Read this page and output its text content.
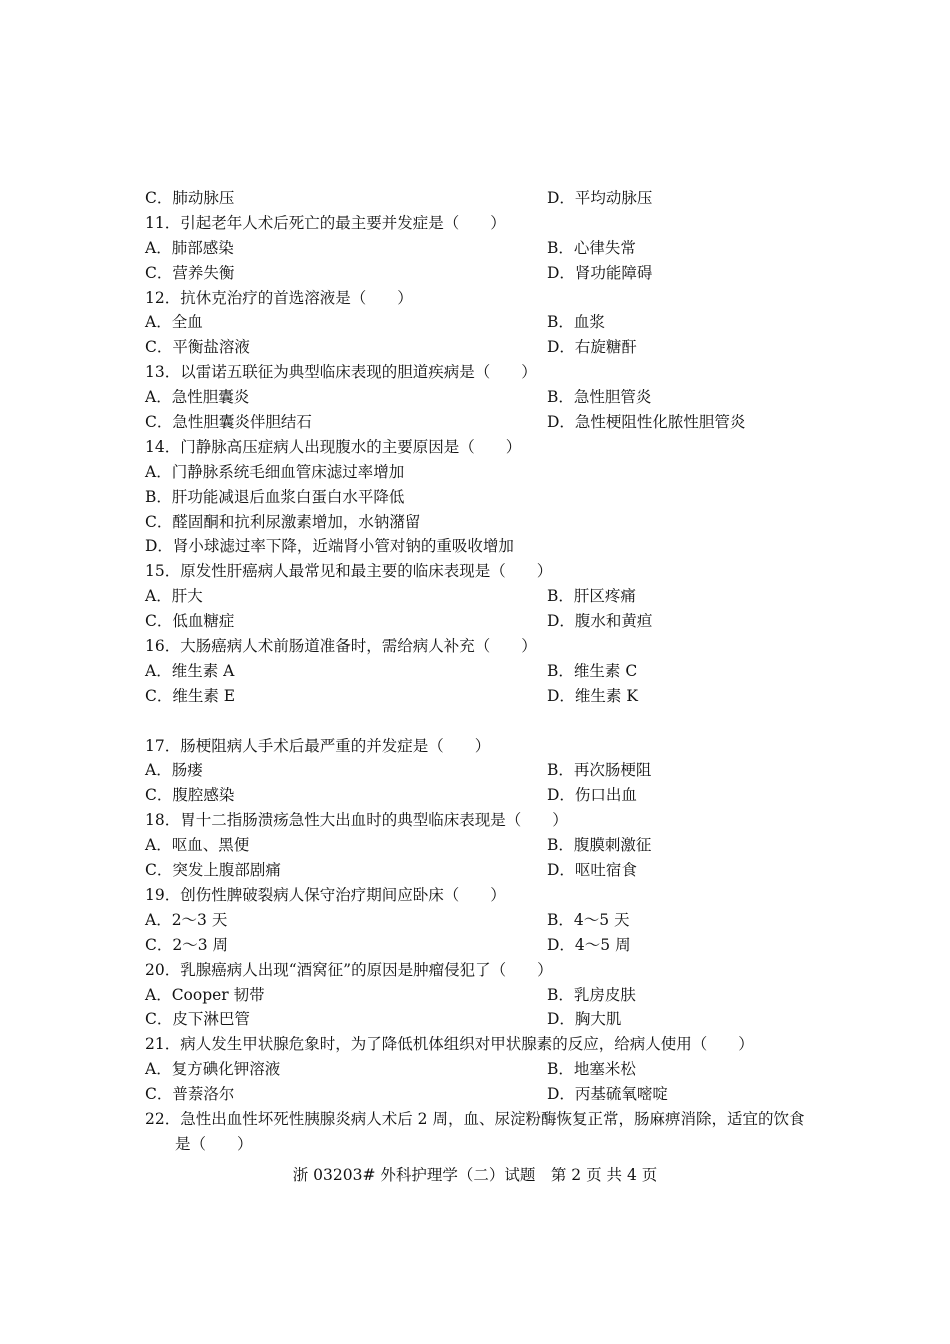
C．肺动脉压	D．平均动脉压
11．引起老年人术后死亡的最主要并发症是（　　）
A．肺部感染	B．心律失常
C．营养失衡	D．肾功能障碍
12．抗休克治疗的首选溶液是（　　）
A．全血	B．血浆
C．平衡盐溶液	D．右旋糖酐
13．以雷诺五联征为典型临床表现的胆道疾病是（　　）
A．急性胆囊炎	B．急性胆管炎
C．急性胆囊炎伴胆结石	D．急性梗阻性化脓性胆管炎
14．门静脉高压症病人出现腹水的主要原因是（　　）
A．门静脉系统毛细血管床滤过率增加
B．肝功能减退后血浆白蛋白水平降低
C．醛固酮和抗利尿激素增加，水钠潴留
D．肾小球滤过率下降，近端肾小管对钠的重吸收增加
15．原发性肝癌病人最常见和最主要的临床表现是（　　）
A．肝大	B．肝区疼痛
C．低血糖症	D．腹水和黄疸
16．大肠癌病人术前肠道准备时，需给病人补充（　　）
A．维生素 A	B．维生素 C
C．维生素 E	D．维生素 K
17．肠梗阻病人手术后最严重的并发症是（　　）
A．肠瘘	B．再次肠梗阻
C．腹腔感染	D．伤口出血
18．胃十二指肠溃疡急性大出血时的典型临床表现是（　　）
A．呕血、黑便	B．腹膜刺激征
C．突发上腹部剧痛	D．呕吐宿食
19．创伤性脾破裂病人保守治疗期间应卧床（　　）
A．2～3 天	B．4～5 天
C．2～3 周	D．4～5 周
20．乳腺癌病人出现“酒窝征”的原因是肿瘤侵犯了（　　）
A．Cooper 韧带	B．乳房皮肤
C．皮下淋巴管	D．胸大肌
21．病人发生甲状腺危象时，为了降低机体组织对甲状腺素的反应，给病人使用（　　）
A．复方碘化钾溶液	B．地塞米松
C．普萘洛尔	D．丙基硫氧嘧啶
22．急性出血性坏死性胰腺炎病人术后 2 周，血、尿淀粉酶恢复正常，肠麻痹消除，适宜的饮食是（　　）
浙 03203# 外科护理学（二）试题　第 2 页 共 4 页
